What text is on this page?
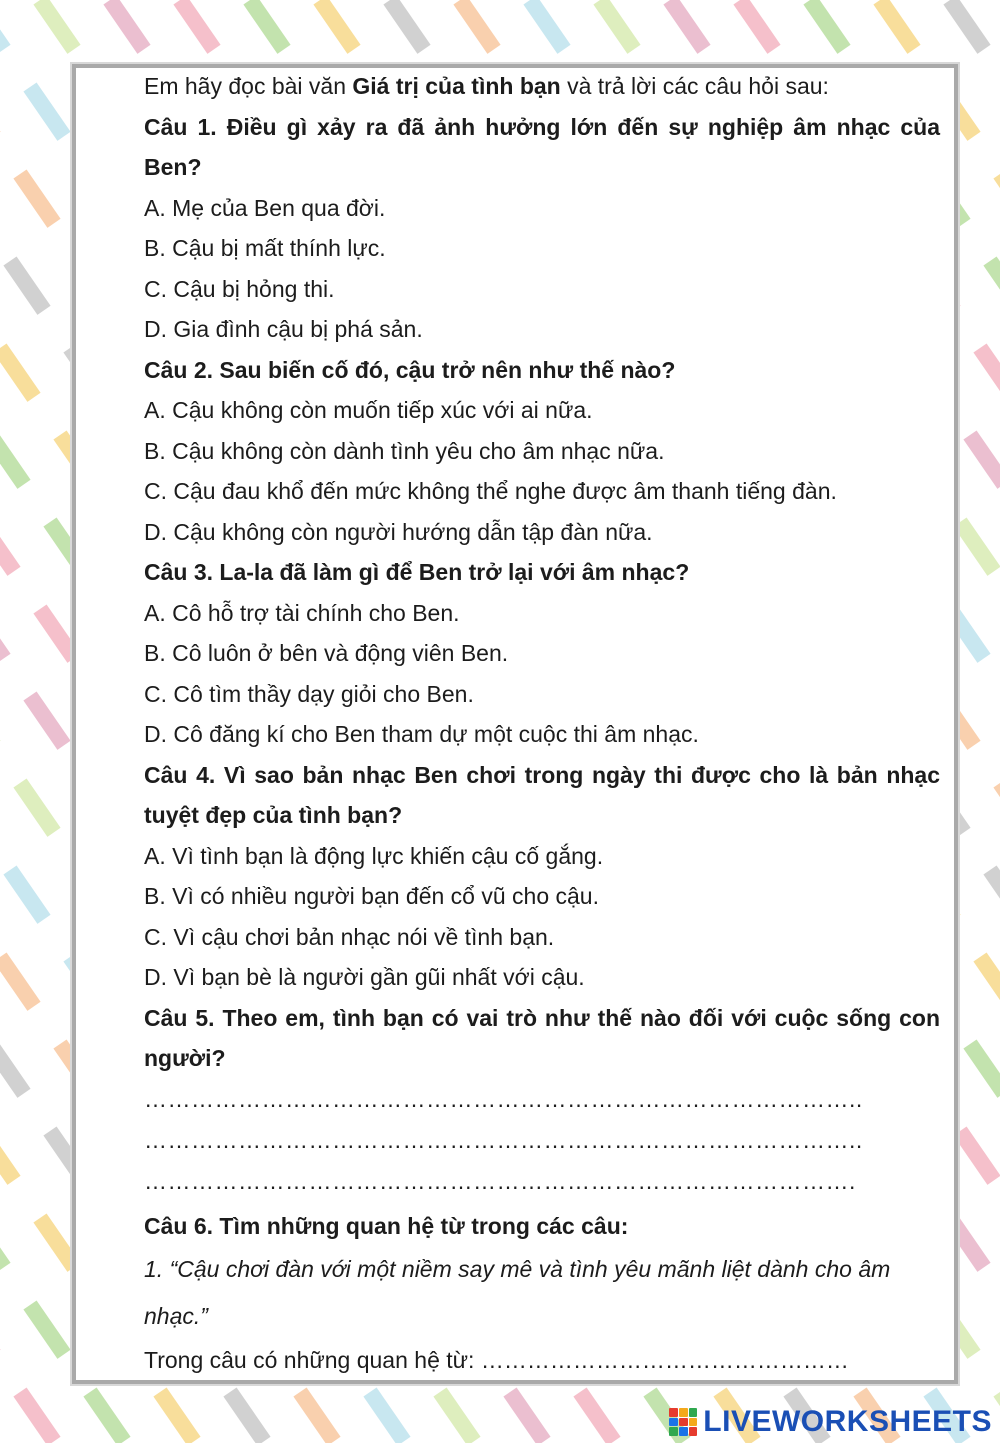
Em hãy đọc bài văn Giá trị của tình bạn và trả lời các câu hỏi sau:
Câu 1. Điều gì xảy ra đã ảnh hưởng lớn đến sự nghiệp âm nhạc của Ben?
A. Mẹ của Ben qua đời.
B. Cậu bị mất thính lực.
C. Cậu bị hỏng thi.
D. Gia đình cậu bị phá sản.
Câu 2. Sau biến cố đó, cậu trở nên như thế nào?
A. Cậu không còn muốn tiếp xúc với ai nữa.
B. Cậu không còn dành tình yêu cho âm nhạc nữa.
C. Cậu đau khổ đến mức không thể nghe được âm thanh tiếng đàn.
D. Cậu không còn người hướng dẫn tập đàn nữa.
Câu 3. La-la đã làm gì để Ben trở lại với âm nhạc?
A. Cô hỗ trợ tài chính cho Ben.
B. Cô luôn ở bên và động viên Ben.
C. Cô tìm thầy dạy giỏi cho Ben.
D. Cô đăng kí cho Ben tham dự một cuộc thi âm nhạc.
Câu 4. Vì sao bản nhạc Ben chơi trong ngày thi được cho là bản nhạc tuyệt đẹp của tình bạn?
A. Vì tình bạn là động lực khiến cậu cố gắng.
B. Vì có nhiều người bạn đến cổ vũ cho cậu.
C. Vì cậu chơi bản nhạc nói về tình bạn.
D. Vì bạn bè là người gần gũi nhất với cậu.
Câu 5. Theo em, tình bạn có vai trò như thế nào đối với cuộc sống con người?
………………………………………………………………………………..
………………………………………………………………………………..
……………………………………………………………………………….
Câu 6. Tìm những quan hệ từ trong các câu:
1. “Cậu chơi đàn với một niềm say mê và tình yêu mãnh liệt dành cho âm nhạc.”
Trong câu có những quan hệ từ: …………………………………………
LIVEWORKSHEETS
